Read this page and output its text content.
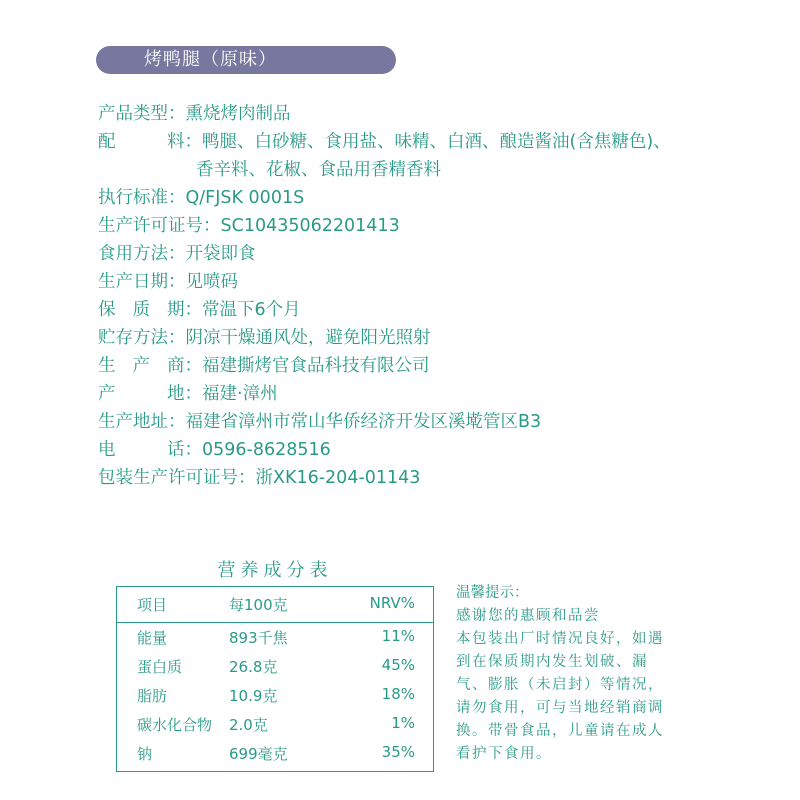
烤鸭腿（原味）
产品类型： 熏烧烤肉制品
配	料： 鸭腿、白砂糖、食用盐、味精、白酒、酿造酱油(含焦糖色)、
香辛料、花椒、食品用香精香料
执行标准： Q/FJSK 0001S
生产许可证号： SC10435062201413
食用方法： 开袋即食
生产日期： 见喷码
保 质 期： 常温下6个月
贮存方法： 阴凉干燥通风处，避免阳光照射
生 产 商： 福建撕烤官食品科技有限公司
产	地： 福建·漳州
生产地址： 福建省漳州市常山华侨经济开发区溪墘管区B3
电	话： 0596-8628516
包装生产许可证号： 浙XK16-204-01143
营养成分表
项目	每100克	NRV%
能量	893千焦	11%
蛋白质	26.8克	45%
脂肪	10.9克	18%
碳水化合物 2.0克	1%
钠	699毫克	35%
温馨提示：
感谢您的惠顾和品尝
本包装出厂时情况良好，如遇
到在保质期内发生划破、漏
气、膨胀（未启封）等情况，
请勿食用，可与当地经销商调
换。带骨食品，儿童请在成人
看护下食用。
